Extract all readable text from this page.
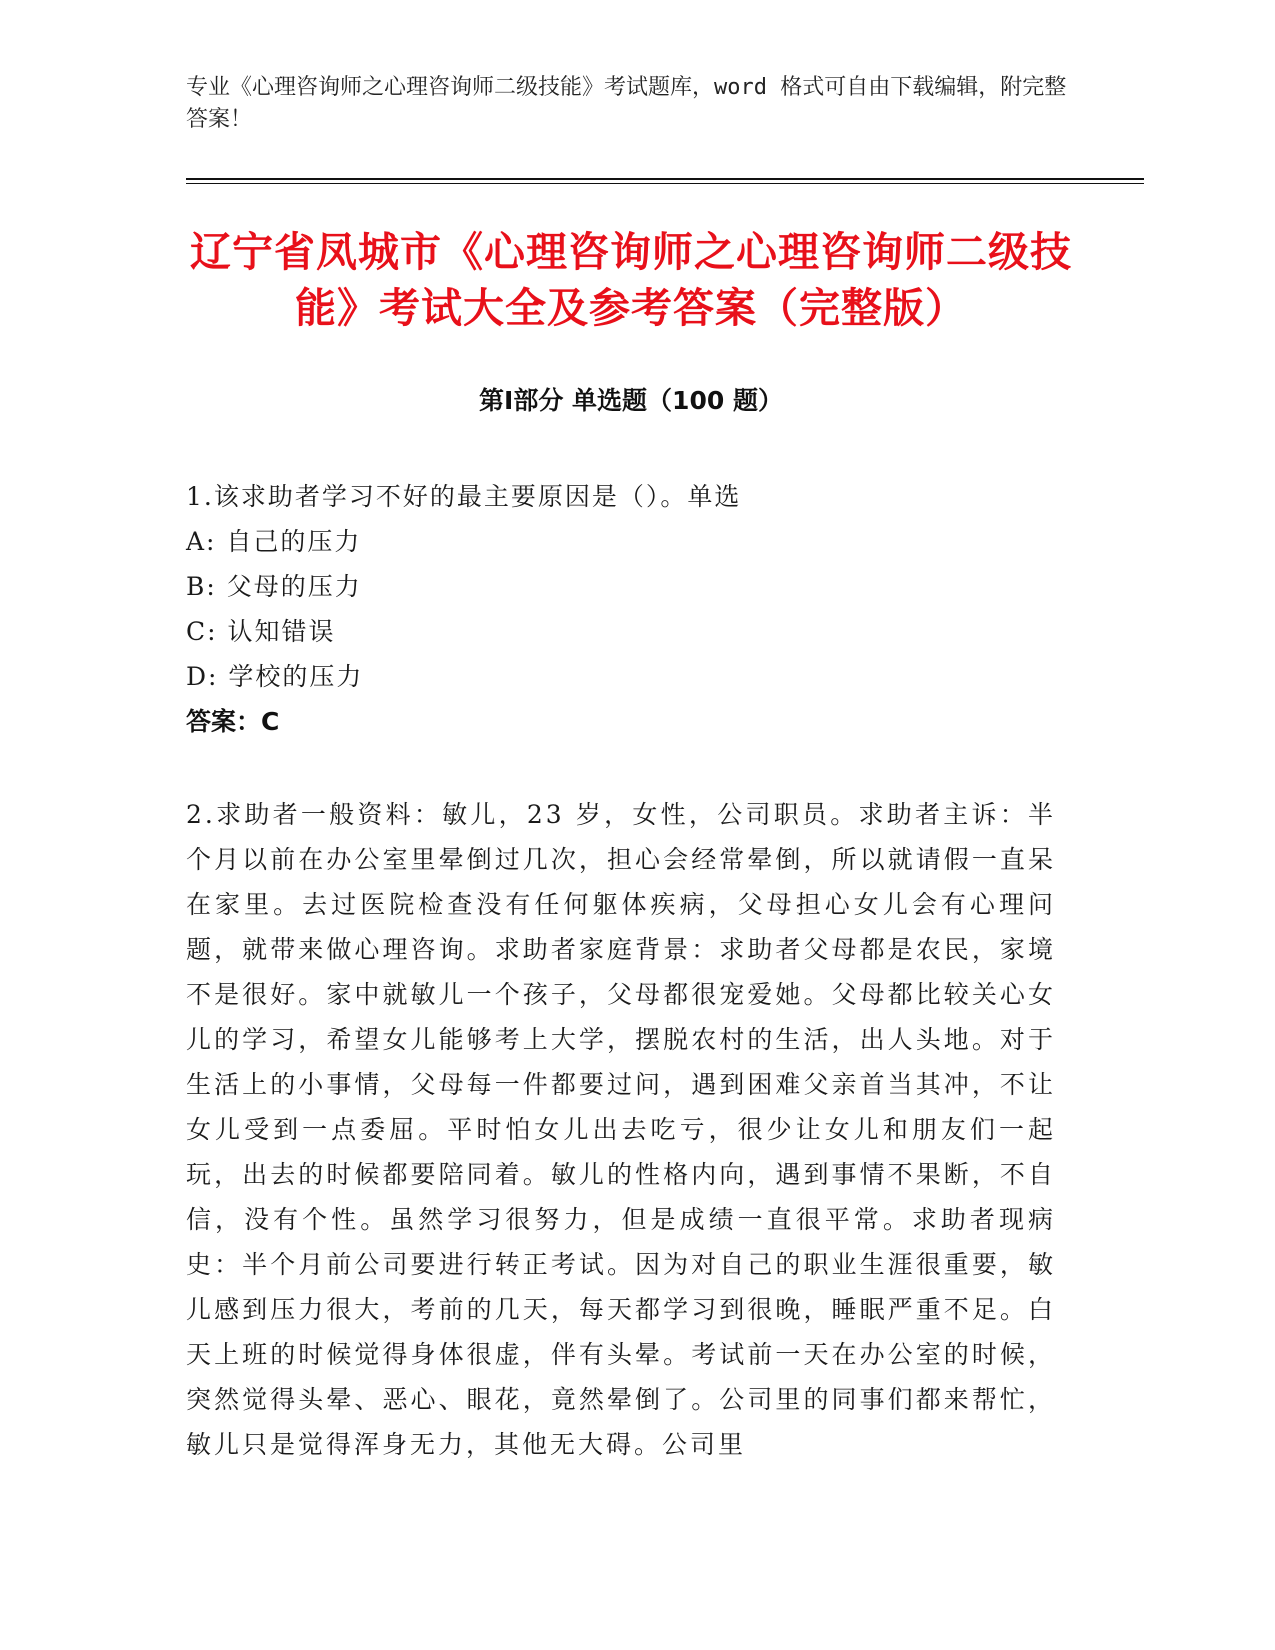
专业《心理咨询师之心理咨询师二级技能》考试题库，word 格式可自由下载编辑，附完整答案！

辽宁省凤城市《心理咨询师之心理咨询师二级技能》考试大全及参考答案（完整版）
第Ⅰ部分 单选题（100 题）

1.该求助者学习不好的最主要原因是（）。单选

A: 自己的压力

B: 父母的压力

C: 认知错误

D: 学校的压力

答案：C

2.求助者一般资料：敏儿，23 岁，女性，公司职员。求助者主诉：半个月以前在办公室里晕倒过几次，担心会经常晕倒，所以就请假一直呆在家里。去过医院检查没有任何躯体疾病，父母担心女儿会有心理问题，就带来做心理咨询。求助者家庭背景：求助者父母都是农民，家境不是很好。家中就敏儿一个孩子，父母都很宠爱她。父母都比较关心女儿的学习，希望女儿能够考上大学，摆脱农村的生活，出人头地。对于生活上的小事情，父母每一件都要过问，遇到困难父亲首当其冲，不让女儿受到一点委屈。平时怕女儿出去吃亏，很少让女儿和朋友们一起玩，出去的时候都要陪同着。敏儿的性格内向，遇到事情不果断，不自信，没有个性。虽然学习很努力，但是成绩一直很平常。求助者现病史：半个月前公司要进行转正考试。因为对自己的职业生涯很重要，敏儿感到压力很大，考前的几天，每天都学习到很晚，睡眠严重不足。白天上班的时候觉得身体很虚，伴有头晕。考试前一天在办公室的时候，突然觉得头晕、恶心、眼花，竟然晕倒了。公司里的同事们都来帮忙，敏儿只是觉得浑身无力，其他无大碍。公司里
